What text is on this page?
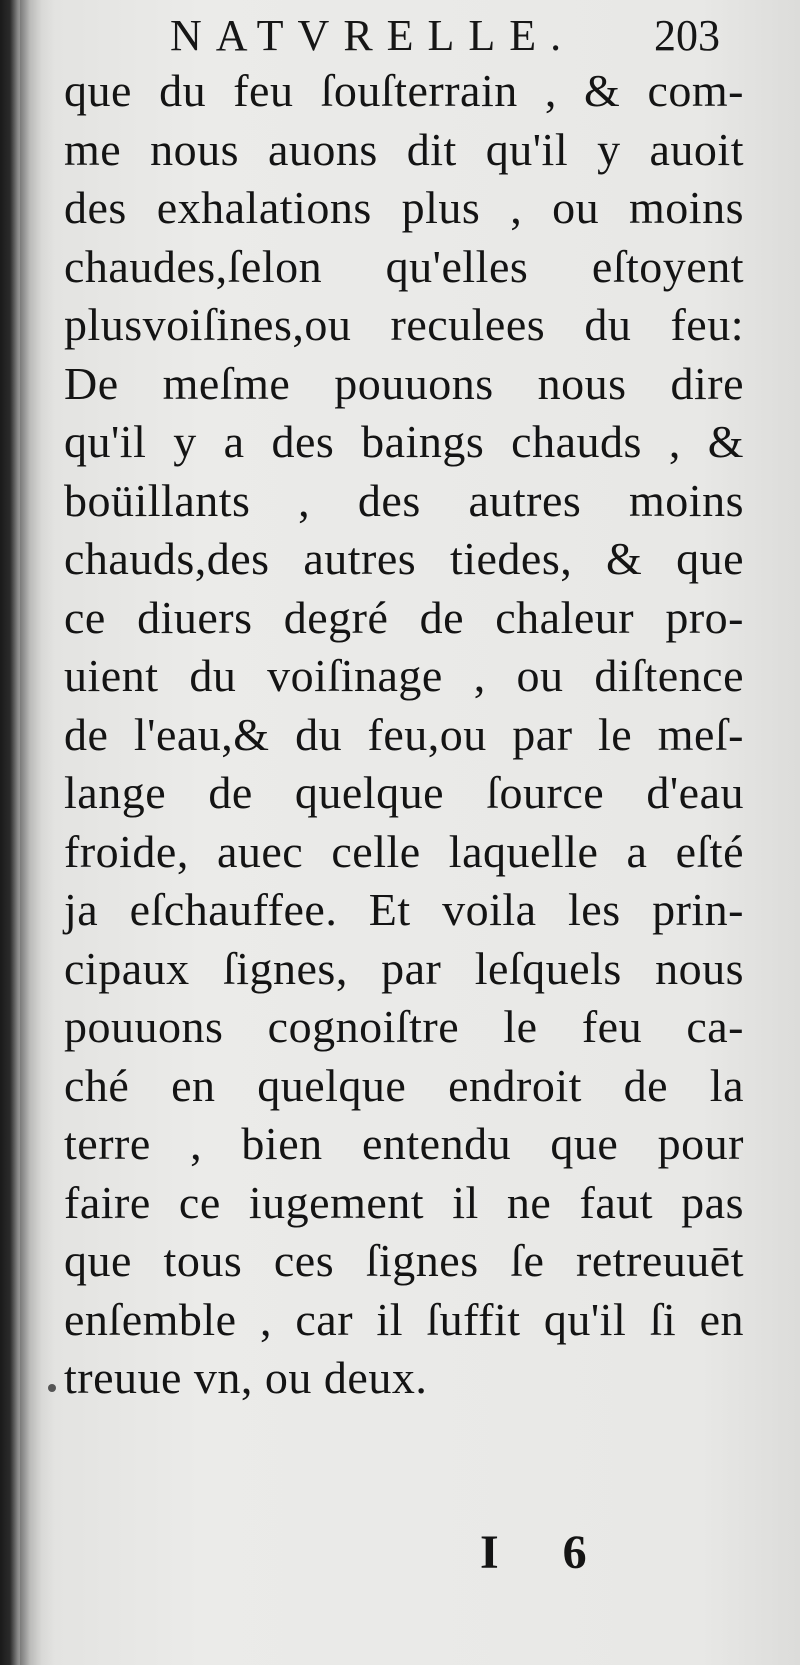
NATVRELLE. 203
que du feu ſouſterrain , & com-
me nous auons dit qu'il y auoit
des exhalations plus , ou moins
chaudes,ſelon qu'elles eſtoyent
plusvoiſines,ou reculees du feu:
De meſme pouuons nous dire
qu'il y a des baings chauds , &
boüillants , des autres moins
chauds,des autres tiedes, & que
ce diuers degré de chaleur pro-
uient du voiſinage , ou diſtence
de l'eau,& du feu,ou par le meſ-
lange de quelque ſource d'eau
froide, auec celle laquelle a eſté
ja eſchauffee. Et voila les prin-
cipaux ſignes, par leſquels nous
pouuons cognoiſtre le feu ca-
ché en quelque endroit de la
terre , bien entendu que pour
faire ce iugement il ne faut pas
que tous ces ſignes ſe retreuuēt
enſemble , car il ſuffit qu'il ſi en
treuue vn, ou deux.
I 6
